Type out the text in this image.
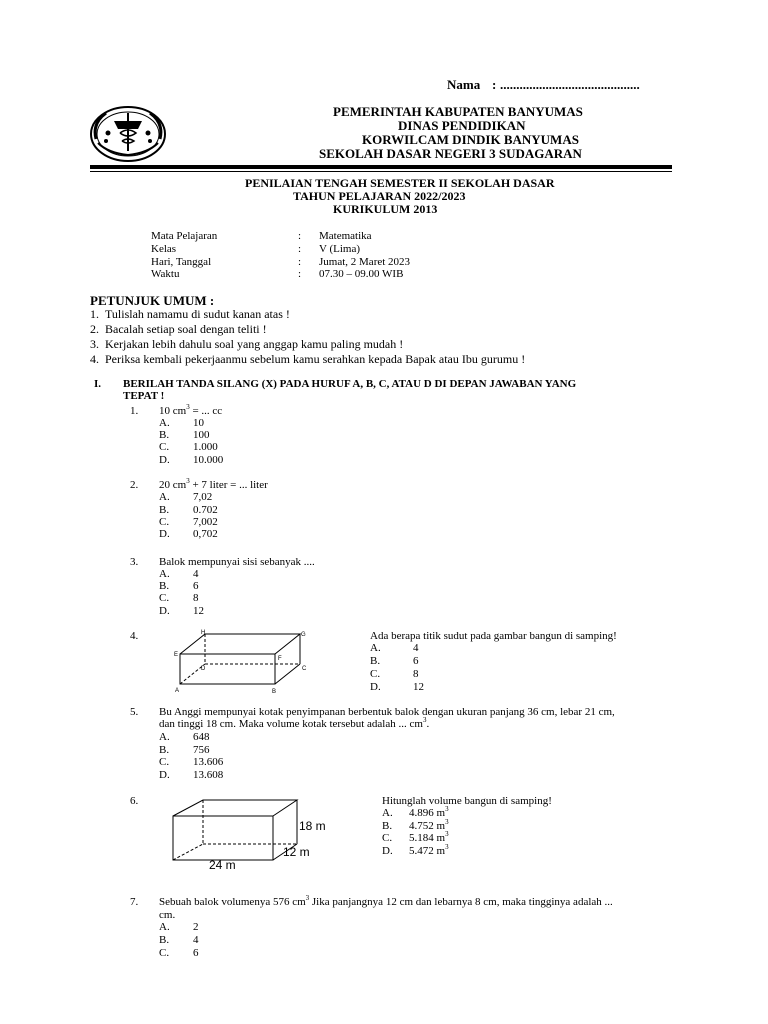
Nama : ...........................................
PEMERINTAH KABUPATEN BANYUMAS
DINAS PENDIDIKAN
KORWILCAM DINDIK BANYUMAS
SEKOLAH DASAR NEGERI 3 SUDAGARAN
PENILAIAN TENGAH SEMESTER II SEKOLAH DASAR
TAHUN PELAJARAN 2022/2023
KURIKULUM 2013
Mata Pelajaran	: Matematika
Kelas	: V (Lima)
Hari, Tanggal	: Jumat, 2 Maret 2023
Waktu	: 07.30 – 09.00 WIB
PETUNJUK UMUM :
1.  Tulislah namamu di sudut kanan atas !
2.  Bacalah setiap soal dengan teliti !
3.  Kerjakan lebih dahulu soal yang anggap kamu paling mudah !
4.  Periksa kembali pekerjaanmu sebelum kamu serahkan kepada Bapak atau Ibu gurumu !
I. BERILAH TANDA SILANG (X) PADA HURUF A, B, C, ATAU D DI DEPAN JAWABAN YANG
TEPAT !
1. 10 $cm^3$ = ... cc
A. 10
B. 100
C. 1.000
D. 10.000
2. 20 $cm^3 + 7$ liter = ... liter
A. 7,02
B. 0.702
C. 7,002
D. 0,702
3. Balok mempunyai sisi sebanyak ....
A. 4
B. 6
C. 8
D. 12
4.	H	G
E
F
D	C
A	B
Ada berapa titik sudut pada gambar bangun di samping!
A.	4
B.	6
C.	8
D.	12
5. Bu Anggi mempunyai kotak penyimpanan berbentuk balok dengan ukuran panjang 36 cm, lebar 21 cm,
dan tinggi 18 cm. Maka volume kotak tersebut adalah ... $cm^3$.
A. 648
B. 756
C. 13.606
D. 13.608
6.
18 m
12 m
24 m
Hitunglah volume bangun di samping!
A. 4.896 $m^3$
B. 4.752 $m^3$
C. 5.184 $m^3$
D. 5.472 $m^3$
7. Sebuah balok volumenya 576 $cm^3$ Jika panjangnya 12 cm dan lebarnya 8 cm, maka tingginya adalah ...
cm.
A. 2
B. 4
C. 6
